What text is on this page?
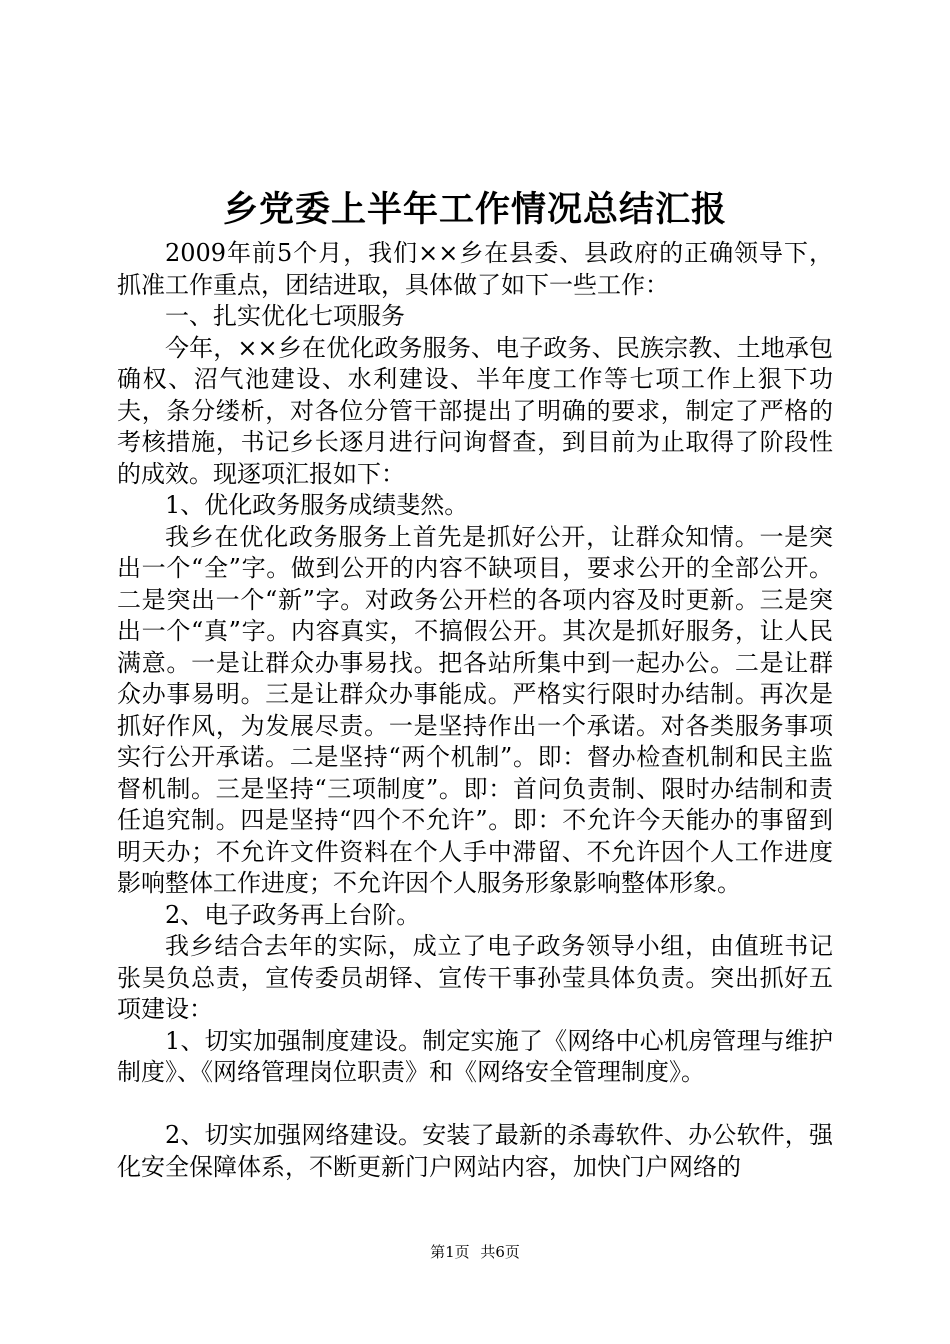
乡党委上半年工作情况总结汇报

2009年前5个月，我们××乡在县委、县政府的正确领导下，抓准工作重点，团结进取，具体做了如下一些工作：

一、扎实优化七项服务

今年，××乡在优化政务服务、电子政务、民族宗教、土地承包确权、沼气池建设、水利建设、半年度工作等七项工作上狠下功夫，条分缕析，对各位分管干部提出了明确的要求，制定了严格的考核措施，书记乡长逐月进行问询督查，到目前为止取得了阶段性的成效。现逐项汇报如下：

1、优化政务服务成绩斐然。

我乡在优化政务服务上首先是抓好公开，让群众知情。一是突出一个“全”字。做到公开的内容不缺项目，要求公开的全部公开。二是突出一个“新”字。对政务公开栏的各项内容及时更新。三是突出一个“真”字。内容真实，不搞假公开。其次是抓好服务，让人民满意。一是让群众办事易找。把各站所集中到一起办公。二是让群众办事易明。三是让群众办事能成。严格实行限时办结制。再次是抓好作风，为发展尽责。一是坚持作出一个承诺。对各类服务事项实行公开承诺。二是坚持“两个机制”。即：督办检查机制和民主监督机制。三是坚持“三项制度”。即：首问负责制、限时办结制和责任追究制。四是坚持“四个不允许”。即：不允许今天能办的事留到明天办；不允许文件资料在个人手中滞留、不允许因个人工作进度影响整体工作进度；不允许因个人服务形象影响整体形象。

2、电子政务再上台阶。

我乡结合去年的实际，成立了电子政务领导小组，由值班书记张昊负总责，宣传委员胡铎、宣传干事孙莹具体负责。突出抓好五项建设：

1、切实加强制度建设。制定实施了《网络中心机房管理与维护制度》、《网络管理岗位职责》和《网络安全管理制度》。

2、切实加强网络建设。安装了最新的杀毒软件、办公软件，强化安全保障体系，不断更新门户网站内容，加快门户网络的

第1页 共6页
